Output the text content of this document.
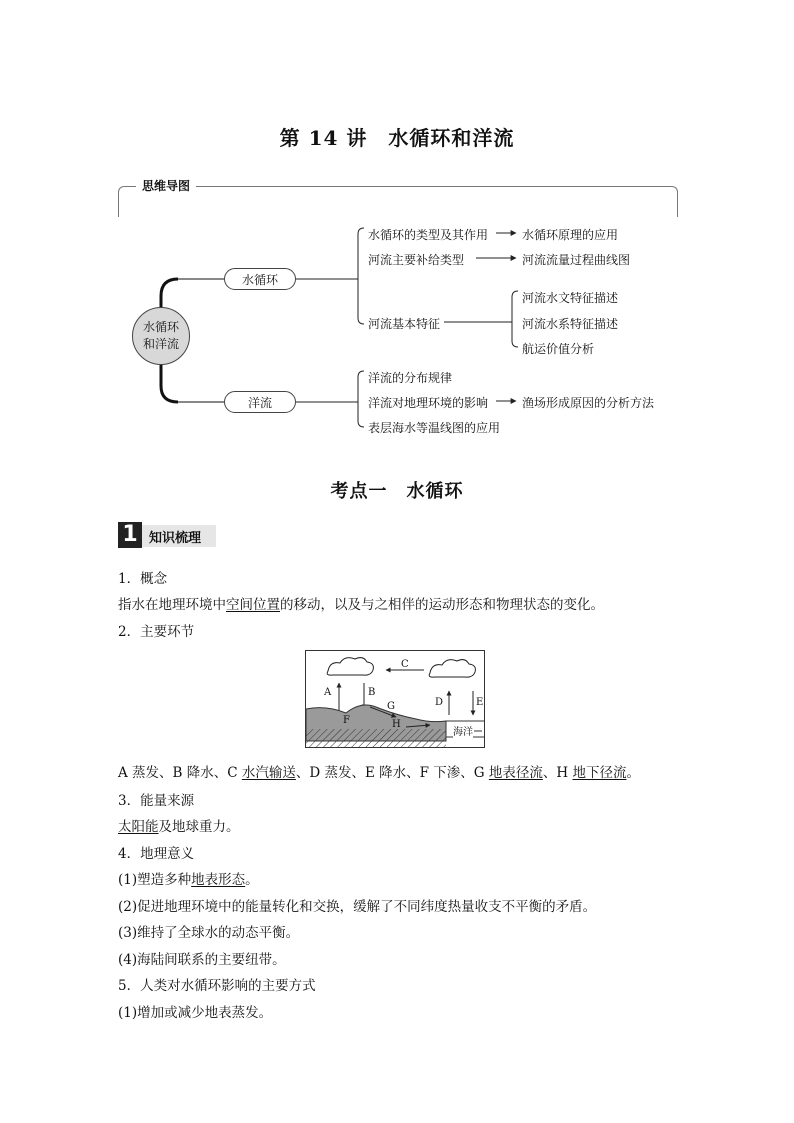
第 14 讲　水循环和洋流
思维导图
水循环
和洋流
水循环
洋流
水循环的类型及其作用
河流主要补给类型
河流基本特征
水循环原理的应用
河流流量过程曲线图
河流水文特征描述
河流水系特征描述
航运价值分析
洋流的分布规律
洋流对地理环境的影响
表层海水等温线图的应用
渔场形成原因的分析方法
考点一　水循环
1 知识梳理
1．概念
指水在地理环境中空间位置的移动，以及与之相伴的运动形态和物理状态的变化。
2．主要环节
A	B
C
D	E
F
G
H
海洋
A 蒸发、B 降水、C 水汽输送、D 蒸发、E 降水、F 下渗、G 地表径流、H 地下径流。
3．能量来源
太阳能及地球重力。
4．地理意义
(1)塑造多种地表形态。
(2)促进地理环境中的能量转化和交换，缓解了不同纬度热量收支不平衡的矛盾。
(3)维持了全球水的动态平衡。
(4)海陆间联系的主要纽带。
5．人类对水循环影响的主要方式
(1)增加或减少地表蒸发。
